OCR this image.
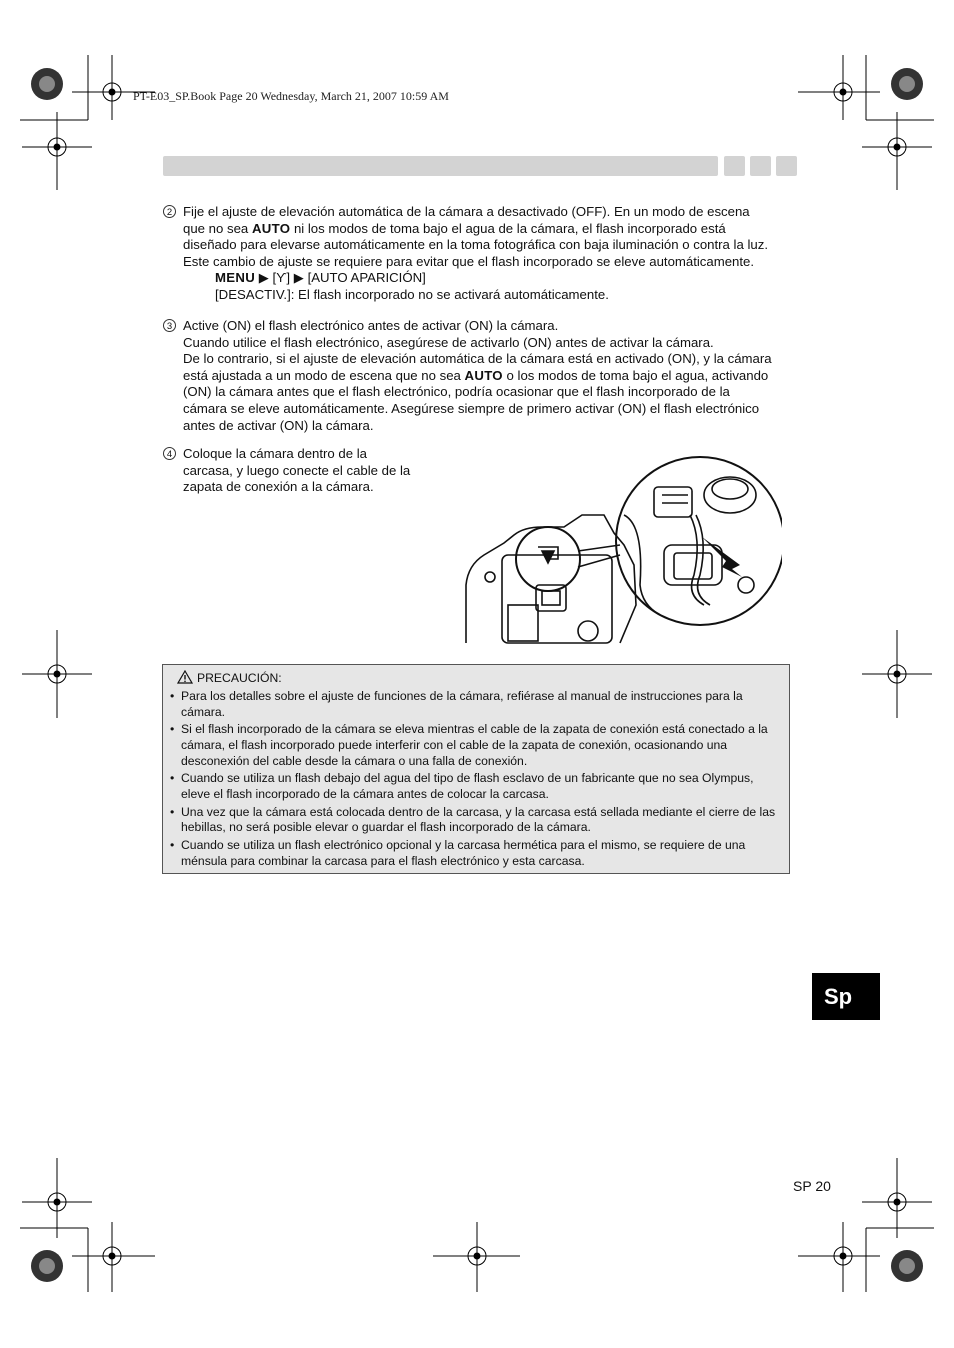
PT-E03_SP.Book Page 20 Wednesday, March 21, 2007 10:59 AM
2 Fije el ajuste de elevación automática de la cámara a desactivado (OFF). En un modo de escena
que no sea AUTO ni los modos de toma bajo el agua de la cámara, el flash incorporado está
diseñado para elevarse automáticamente en la toma fotográfica con baja iluminación o contra la luz.
Este cambio de ajuste se requiere para evitar que el flash incorporado se eleve automáticamente.
MENU ▶ [Ƴ] ▶ [AUTO APARICIÓN]
[DESACTIV.]: El flash incorporado no se activará automáticamente.
3 Active (ON) el flash electrónico antes de activar (ON) la cámara.
Cuando utilice el flash electrónico, asegúrese de activarlo (ON) antes de activar la cámara.
De lo contrario, si el ajuste de elevación automática de la cámara está en activado (ON), y la cámara
está ajustada a un modo de escena que no sea AUTO o los modos de toma bajo el agua, activando
(ON) la cámara antes que el flash electrónico, podría ocasionar que el flash incorporado de la
cámara se eleve automáticamente. Asegúrese siempre de primero activar (ON) el flash electrónico
antes de activar (ON) la cámara.
4 Coloque la cámara dentro de la
carcasa, y luego conecte el cable de la
zapata de conexión a la cámara.
PRECAUCIÓN:
• Para los detalles sobre el ajuste de funciones de la cámara, refiérase al manual de instrucciones para la cámara.
• Si el flash incorporado de la cámara se eleva mientras el cable de la zapata de conexión está conectado a la cámara, el flash incorporado puede interferir con el cable de la zapata de conexión, ocasionando una desconexión del cable desde la cámara o una falla de conexión.
• Cuando se utiliza un flash debajo del agua del tipo de flash esclavo de un fabricante que no sea Olympus, eleve el flash incorporado de la cámara antes de colocar la carcasa.
• Una vez que la cámara está colocada dentro de la carcasa, y la carcasa está sellada mediante el cierre de las hebillas, no será posible elevar o guardar el flash incorporado de la cámara.
• Cuando se utiliza un flash electrónico opcional y la carcasa hermética para el mismo, se requiere de una ménsula para combinar la carcasa para el flash electrónico y esta carcasa.
Sp
SP 20
